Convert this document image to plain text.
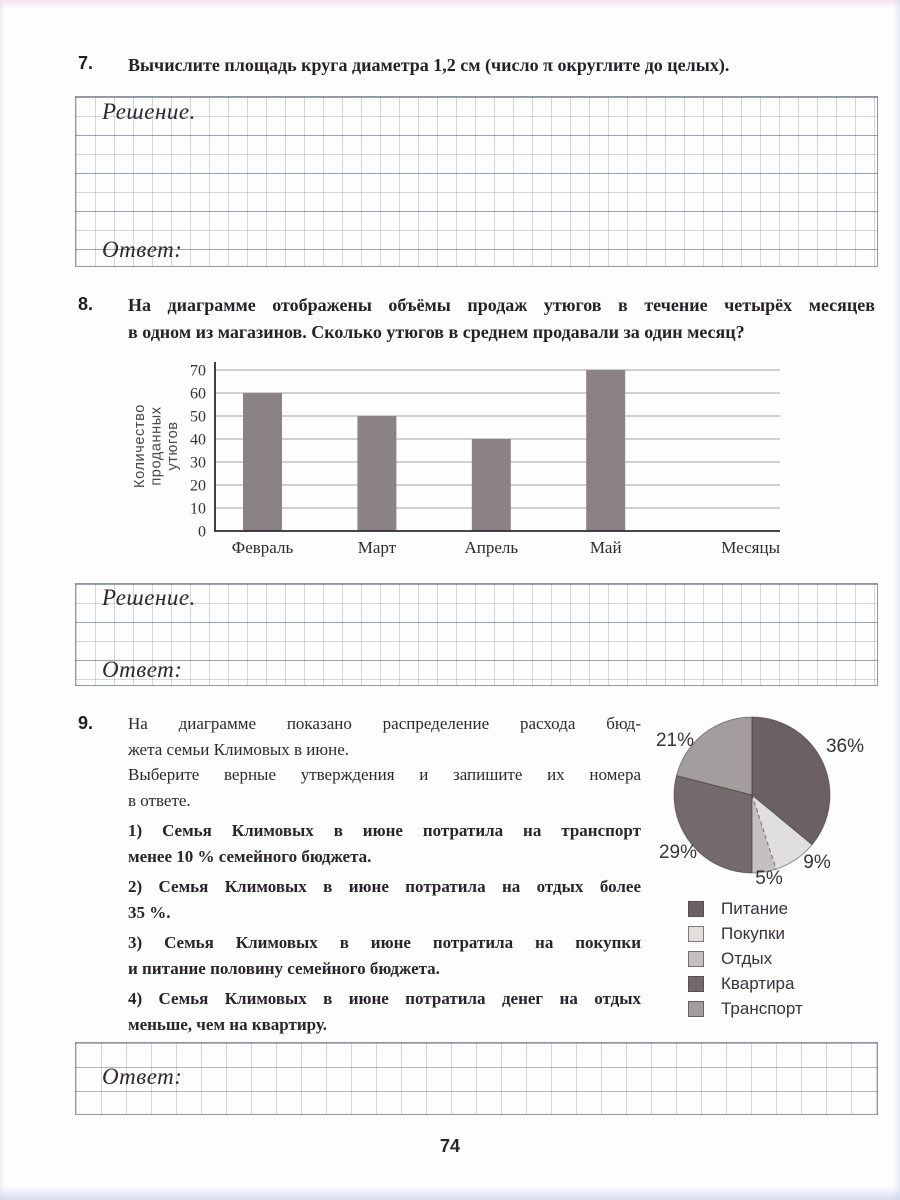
7. Вычислите площадь круга диаметра 1,2 см (число π округлите до целых).
Решение.
Ответ:
8. На диаграмме отображены объёмы продаж утюгов в течение четырёх месяцев
в одном из магазинов. Сколько утюгов в среднем продавали за один месяц?
0
10
20
30
40
50
60
70
Февраль	Март	Апрель	Май	Месяцы
Количествопроданныхутюгов
Решение.
Ответ:
9. На диаграмме показано распределение расхода бюд-
жета семьи Климовых в июне.
Выберите верные утверждения и запишите их номера
в ответе.
1) Семья Климовых в июне потратила на транспорт
менее 10 % семейного бюджета.
2) Семья Климовых в июне потратила на отдых более
35 %.
3) Семья Климовых в июне потратила на покупки
и питание половину семейного бюджета.
4) Семья Климовых в июне потратила денег на отдых
меньше, чем на квартиру.
36%
9%
5%
29%
21%
Питание
Покупки
Отдых
Квартира
Транспорт
Ответ:
74
